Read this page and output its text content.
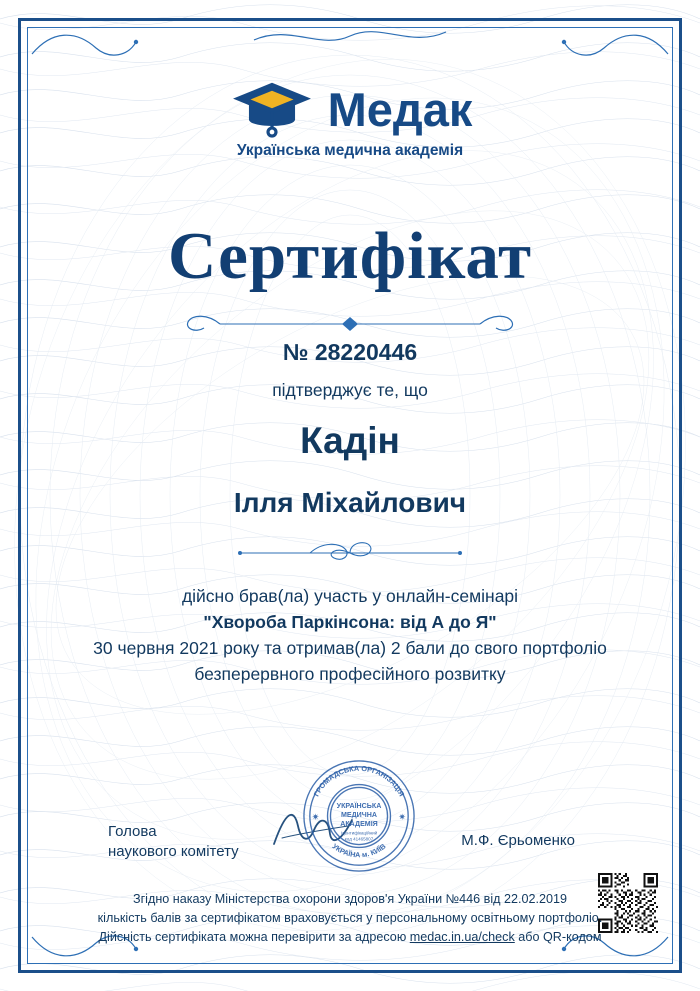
Медак
Українська медична академія
Сертифікат
№ 28220446
підтверджує те, що
Кадін
Ілля Міхайлович
дійсно брав(ла) участь у онлайн-семінарі
"Хвороба Паркінсона: від А до Я"
30 червня 2021 року та отримав(ла) 2 бали до свого портфоліо
безперервного професійного розвитку
Голова
наукового комітету
ГРОМАДСЬКА ОРГАНІЗАЦІЯ
УКРАЇНА м. КИЇВ
УКРАЇНСЬКА
МЕДИЧНА
АКАДЕМІЯ
Ідентифікаційний
код 41465807
✷	✷
М.Ф. Єрьоменко
Згідно наказу Міністерства охорони здоров'я України №446 від 22.02.2019
кількість балів за сертифікатом враховується у персональному освітньому портфоліо.
Дійсність сертифіката можна перевірити за адресою medac.in.ua/check або QR-кодом
